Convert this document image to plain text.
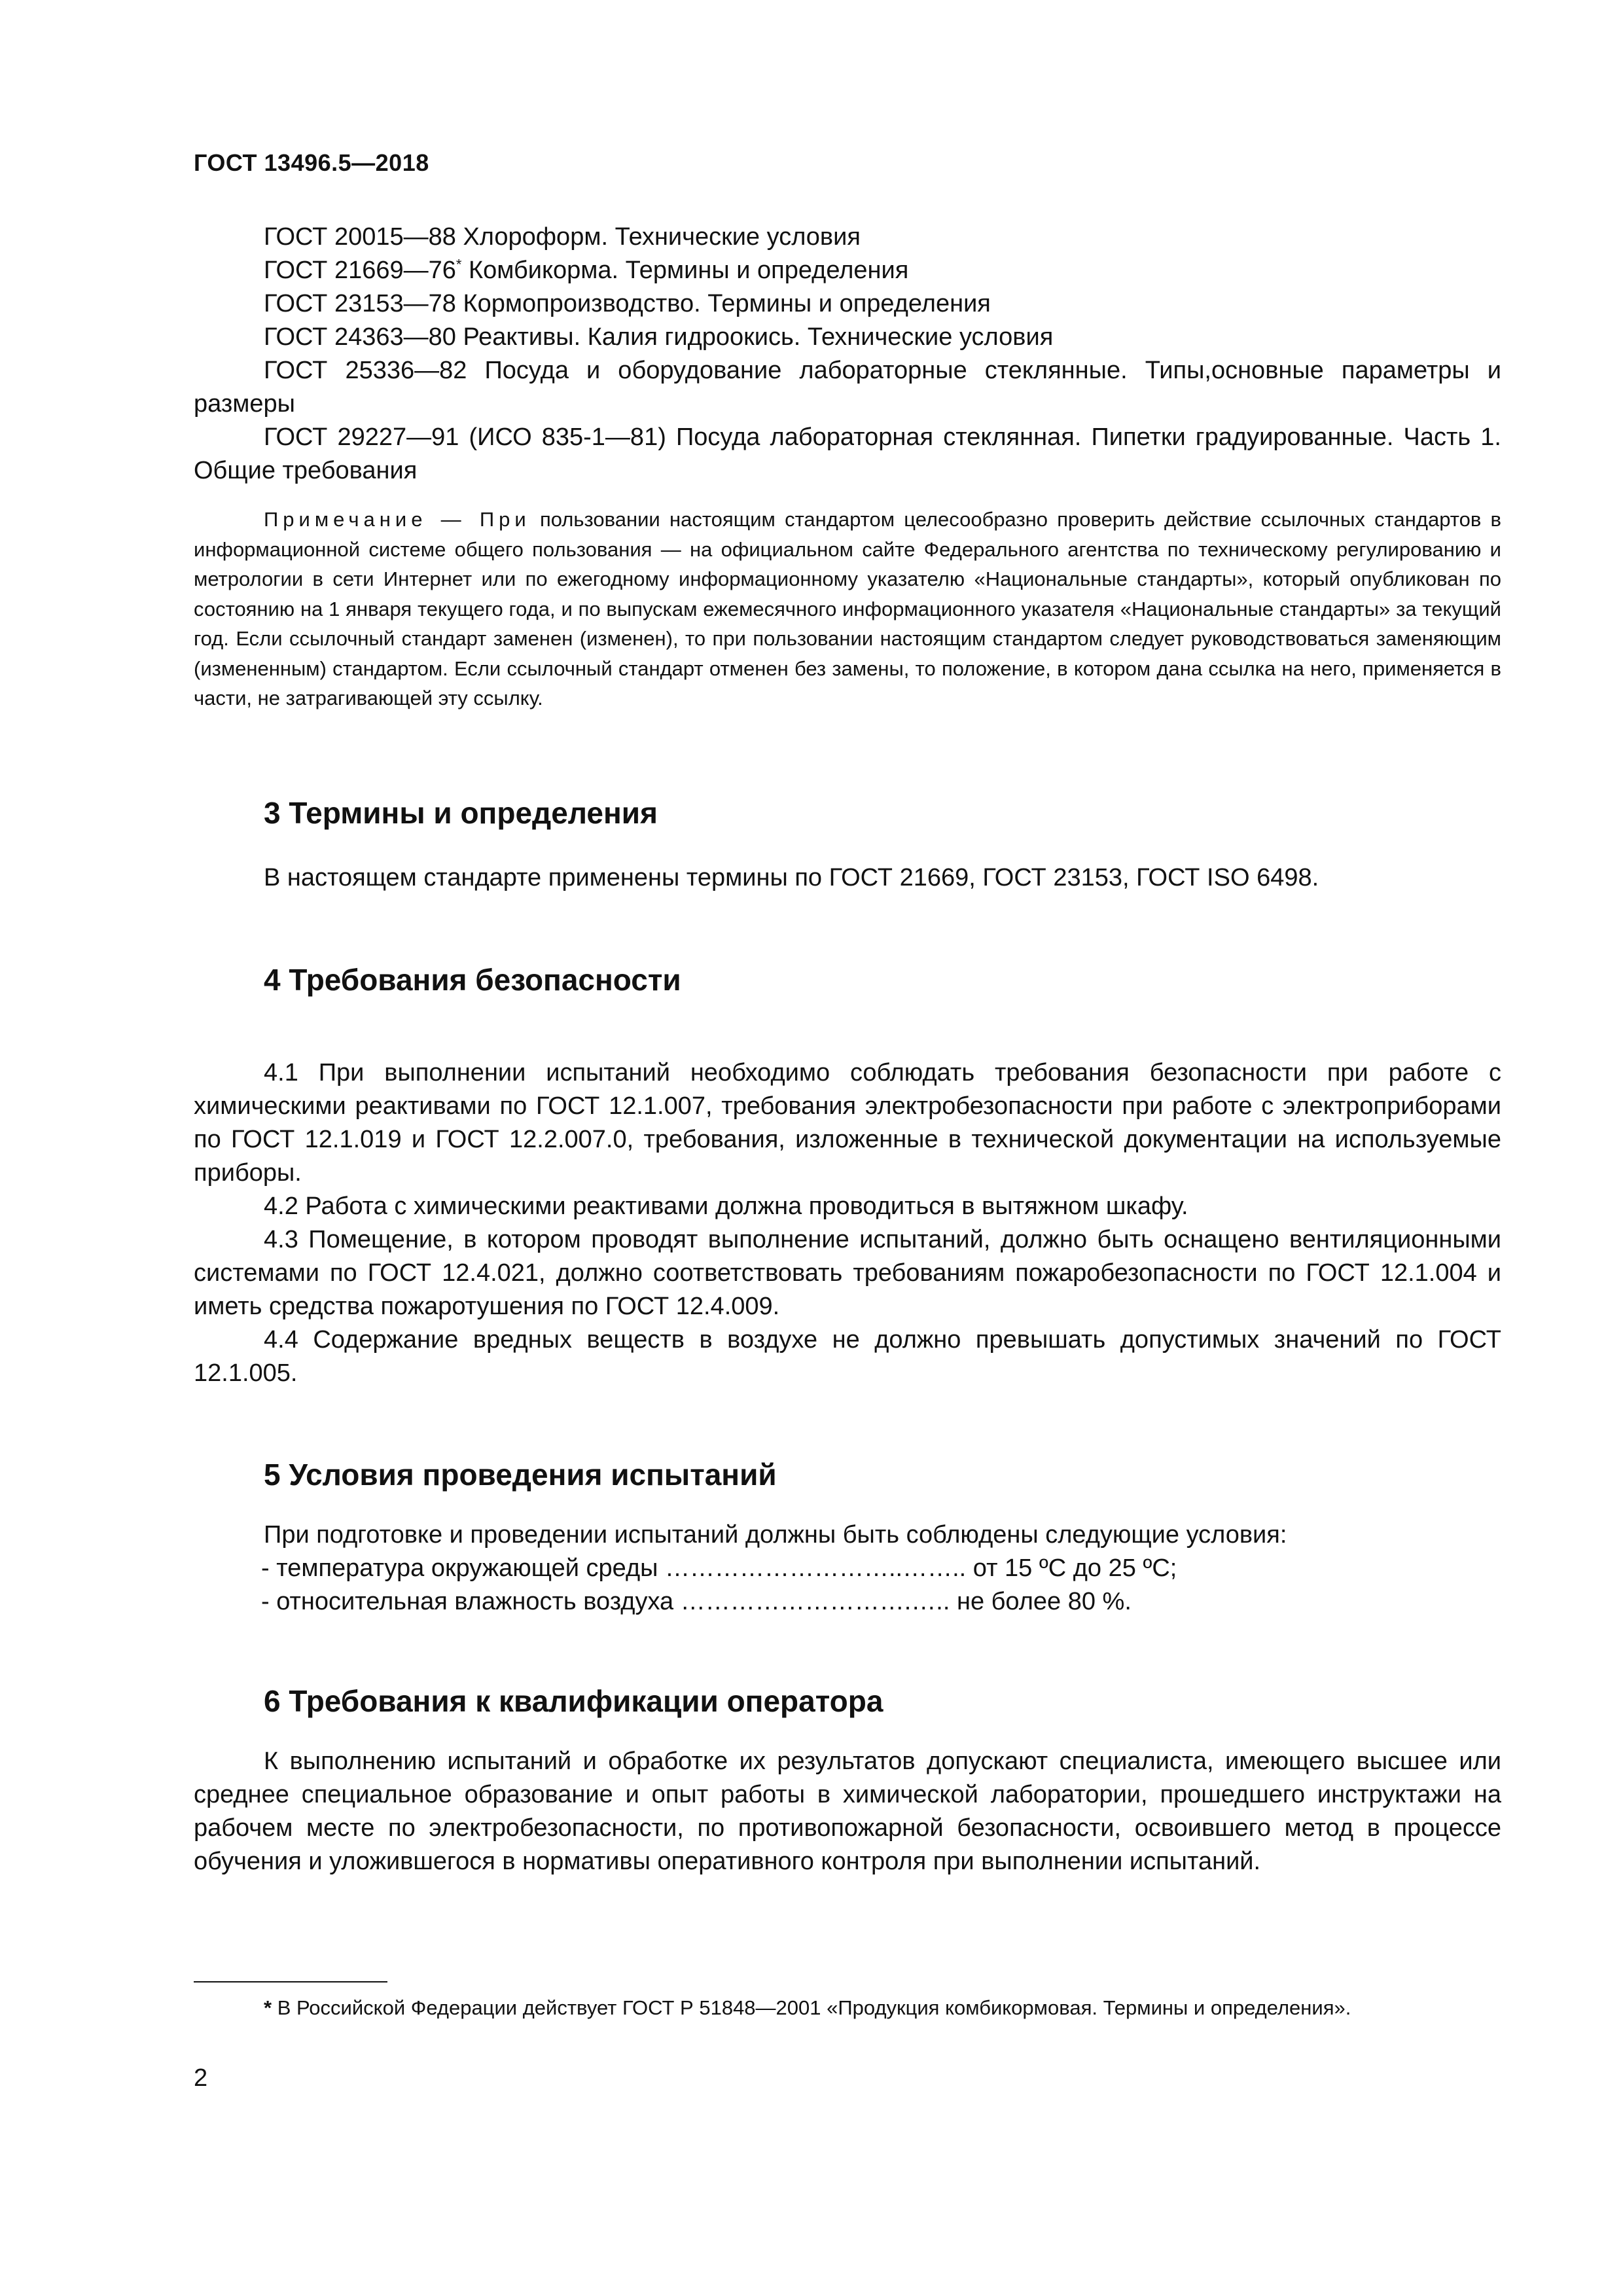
ГОСТ 13496.5—2018

ГОСТ 20015—88 Хлороформ. Технические условия

ГОСТ 21669—76* Комбикорма. Термины и определения

ГОСТ 23153—78 Кормопроизводство. Термины и определения

ГОСТ 24363—80 Реактивы. Калия гидроокись. Технические условия

ГОСТ 25336—82 Посуда и оборудование лабораторные стеклянные. Типы,основные параметры и размеры

ГОСТ 29227—91 (ИСО 835-1—81) Посуда лабораторная стеклянная. Пипетки градуированные. Часть 1. Общие требования

Примечание — При пользовании настоящим стандартом целесообразно проверить действие ссылочных стандартов в информационной системе общего пользования — на официальном сайте Федерального агентства по техническому регулированию и метрологии в сети Интернет или по ежегодному информационному указателю «Национальные стандарты», который опубликован по состоянию на 1 января текущего года, и по выпускам ежемесячного информационного указателя «Национальные стандарты» за текущий год. Если ссылочный стандарт заменен (изменен), то при пользовании настоящим стандартом следует руководствоваться заменяющим (измененным) стандартом. Если ссылочный стандарт отменен без замены, то положение, в котором дана ссылка на него, применяется в части, не затрагивающей эту ссылку.

3 Термины и определения

В настоящем стандарте применены термины по ГОСТ 21669, ГОСТ 23153, ГОСТ ISO 6498.

4 Требования безопасности

4.1 При выполнении испытаний необходимо соблюдать требования безопасности при работе с химическими реактивами по ГОСТ 12.1.007, требования электробезопасности при работе с электроприборами по ГОСТ 12.1.019 и ГОСТ 12.2.007.0, требования, изложенные в технической документации на используемые приборы.

4.2 Работа с химическими реактивами должна проводиться в вытяжном шкафу.

4.3 Помещение, в котором проводят выполнение испытаний, должно быть оснащено вентиляционными системами по ГОСТ 12.4.021, должно соответствовать требованиям пожаробезопасности по ГОСТ 12.1.004 и иметь средства пожаротушения по ГОСТ 12.4.009.

4.4 Содержание вредных веществ в воздухе не должно превышать допустимых значений по ГОСТ 12.1.005.

5 Условия проведения испытаний

При подготовке и проведении испытаний должны быть соблюдены следующие условия:

- температура окружающей среды ………………………..…….. от 15 ºС до 25 ºС;

- относительная влажность воздуха ……………………….….. не более 80 %.

6 Требования к квалификации оператора

К выполнению испытаний и обработке их результатов допускают специалиста, имеющего высшее или среднее специальное образование и опыт работы в химической лаборатории, прошедшего инструктажи на рабочем месте по электробезопасности, по противопожарной безопасности, освоившего метод в процессе обучения и уложившегося в нормативы оперативного контроля при выполнении испытаний.

* В Российской Федерации действует ГОСТ Р 51848—2001 «Продукция комбикормовая. Термины и определения».

2
